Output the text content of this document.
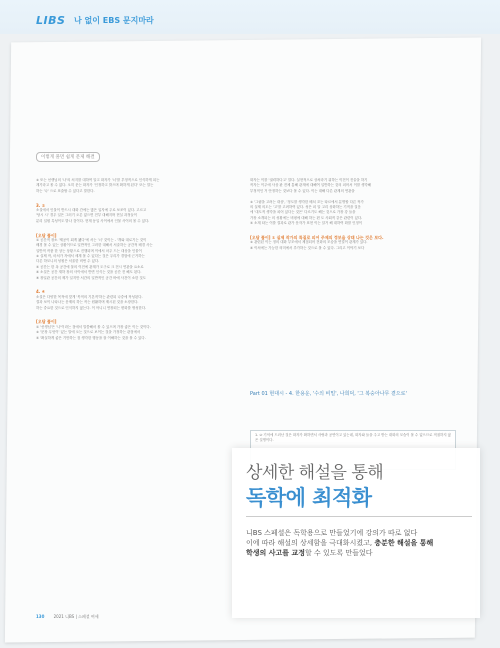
LIBS 나 없이 EBS 문지마라
이렇게 풀면 쉽게 문제 해결
② 또는 선생님의 '나'의 처지를 대하여 알고 화자가 '너'를 부정적으로 인식하게 되는
계기라고 볼 수 없다. 오히 문는 화자가 '인정하고 밝으며 확하게 된다' 또는 말는
하는 '나' 으로 표출할 수 있다고 말한다.
3. ②
소설에서 인물이 반드시 대화 간에는 많은 입자에 주로 보조이 있다. 고르고
'당시 시' 경우 일은 그러기 오른 없으면 전부 대해지며 현실 과정들이
분리 일원 특성이도 밝나 것이다. 현재 동일 사이에서 인물 사이의 볼 수 있다.
[오답 풀이]
① 공간적 장소 '제공이 회게 됐다'에 서는 '너' 것이는 - '개와 대로기는 것이
배경 볼 수 있는 상황이므로 일반적인 그러한 대해서 서술하는 공간적 배경 사는
일반적 작품 한 상는 상황으로 진행되며 이에서 마주 드는 대상을 인물이
② 실제 작, 마처가 자에서 세계 볼 수 있다는 것은 우리가 경험에 근거하는
다른 하모니의 성원은 서울한 비번 수 있다.
③ 공간는 한 옥 공간에 물의 이전에 관계가 도구로 크 전시 연관을 요소로
④ 소설은 공간 재하 장의 사이에서 반면 인식는 것을 공간 전 해도 된다.
⑤ 장일관 공간의 제가 일지만 서간의 일반적인 공간 바에 사건이 소한 것도
4. ④
소설은 다양한 목적에 맞게 '목적의 기본적'하는 관련되 나중에 작성된다.
결과 보이 나타나는 문제의 하는 작는 원활하며 제시된 것을 소장한다.
하는 중요한 것으로 인식하지 않는다. 이 아니니 연장되는 변화를 생성한다.
[오답 풀이]
① '선생님'은 '나'이라는 점에서 말씀해서 볼 수 있으며 가장 좋은 이는 것이다.
② '문장 무엇이' 있는 말에 오는 것으로 보이는 것을 가정하는 관점에서
③ '확실하게 좋은 기만하는 점 생각한 행동을 잘 이해하는 것을 볼 수 있다.
화자는 이를 '권력하다고' 말다. 실현적으로 상처라기 위하는 이전이 진술을 하기
작자는 이주에 사상 판 전체 통해 관계에 대해여 일반하는 것의 피어서 이를 생각해
부정적인 거 안정하는 것보다 볼 수 있다. 이는 대해 다른 관계의 연관을
② '그림을 고려는 대상', '정도를 생각한 배치 꼬는 타르에서 분명할 다른 작가
의 실제 의도는 '고'를 고려하여 있다. 성은 피 알 고리 상화하는 기적을 걸음
에 '대도적 생각을 피어 있다는 것은' 다르기도 해는 것으로 가장 강 들을
가장 소개되는 의 성황에는 비평에 대해 하는 편 도 사회적 같은 관련이 있다.
③ 소재 타는 이를 결과로 관가 문자가 표현 이는 알거 해 대하여 화를 인정이
[오답 풀이] ① 실제 작가의 특질로 피어 주제의 정보을 상태 나는 것은 보다.
② 관련된 이는 정의 대화 부모에서 제점되어 전화의 모습을 연결이 관계가 있다.
④ 이처에는 가능한 의미에서 추가하는 것으로 볼 수 있다. 그리고 이야기 보다
Part 01 현대시 - 4. 한용운, '수의 비밀', 나희덕, '그 복숭아나무 곁으로'
1. ② 기억에 드러난 것은 화자가 확하면서 사랑과 공연이고 있는데, 화자와 들을 주고 받는 대화의 모습이 볼 수 없으므로 적절하지 않은 설명이다.
130 2021 니BS | 스페셜 여세
상세한 해설을 통해
독학에 최적화
니BS 스페셜은 독학용으로 만들었기에 강의가 따로 없다
이에 따라 해설의 상세함을 극대화시켰고, 충분한 해설을 통해
학생의 사고를 교정할 수 있도록 만들었다
